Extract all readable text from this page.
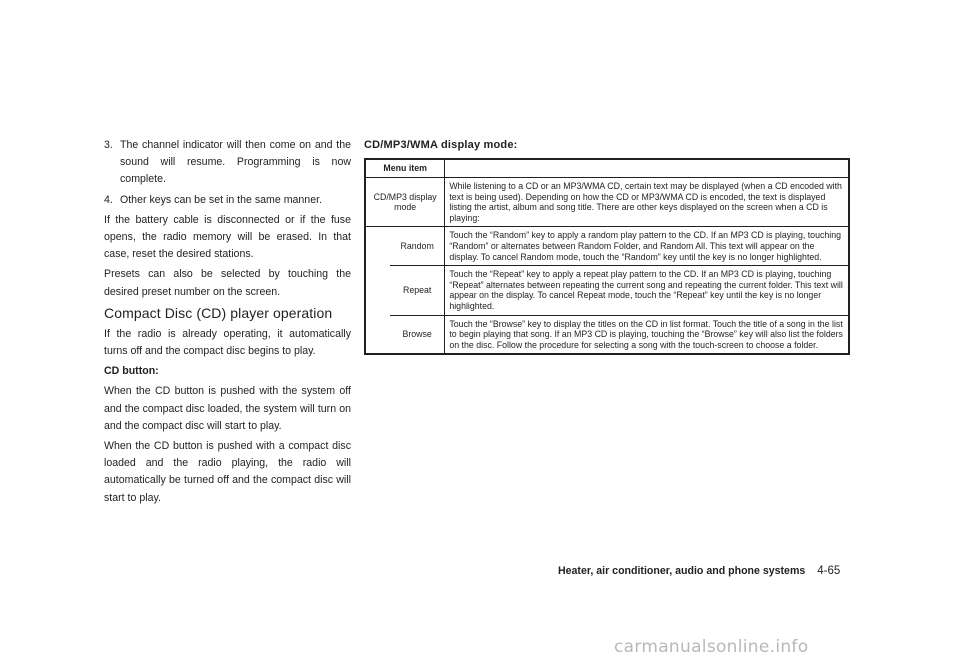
3. The channel indicator will then come on and the sound will resume. Programming is now complete.
4. Other keys can be set in the same manner.

If the battery cable is disconnected or if the fuse opens, the radio memory will be erased. In that case, reset the desired stations.

Presets can also be selected by touching the desired preset number on the screen.

Compact Disc (CD) player operation

If the radio is already operating, it automatically turns off and the compact disc begins to play.

CD button:

When the CD button is pushed with the system off and the compact disc loaded, the system will turn on and the compact disc will start to play.

When the CD button is pushed with a compact disc loaded and the radio playing, the radio will automatically be turned off and the compact disc will start to play.

CD/MP3/WMA display mode:
Menu item		
CD/MP3 display mode		While listening to a CD or an MP3/WMA CD, certain text may be displayed (when a CD encoded with text is being used). Depending on how the CD or MP3/WMA CD is encoded, the text is displayed listing the artist, album and song title. There are other keys displayed on the screen when a CD is playing:
	Random	Touch the “Random” key to apply a random play pattern to the CD. If an MP3 CD is playing, touching “Random” or alternates between Random Folder, and Random All. This text will appear on the display. To cancel Random mode, touch the “Random” key until the key is no longer highlighted.
	Repeat	Touch the “Repeat” key to apply a repeat play pattern to the CD. If an MP3 CD is playing, touching “Repeat” alternates between repeating the current song and repeating the current folder. This text will appear on the display. To cancel Repeat mode, touch the “Repeat” key until the key is no longer highlighted.
	Browse	Touch the “Browse” key to display the titles on the CD in list format. Touch the title of a song in the list to begin playing that song. If an MP3 CD is playing, touching the “Browse” key will also list the folders on the disc. Follow the procedure for selecting a song with the touch-screen to choose a folder.
Heater, air conditioner, audio and phone systems 4-65
carmanualsonline.info
